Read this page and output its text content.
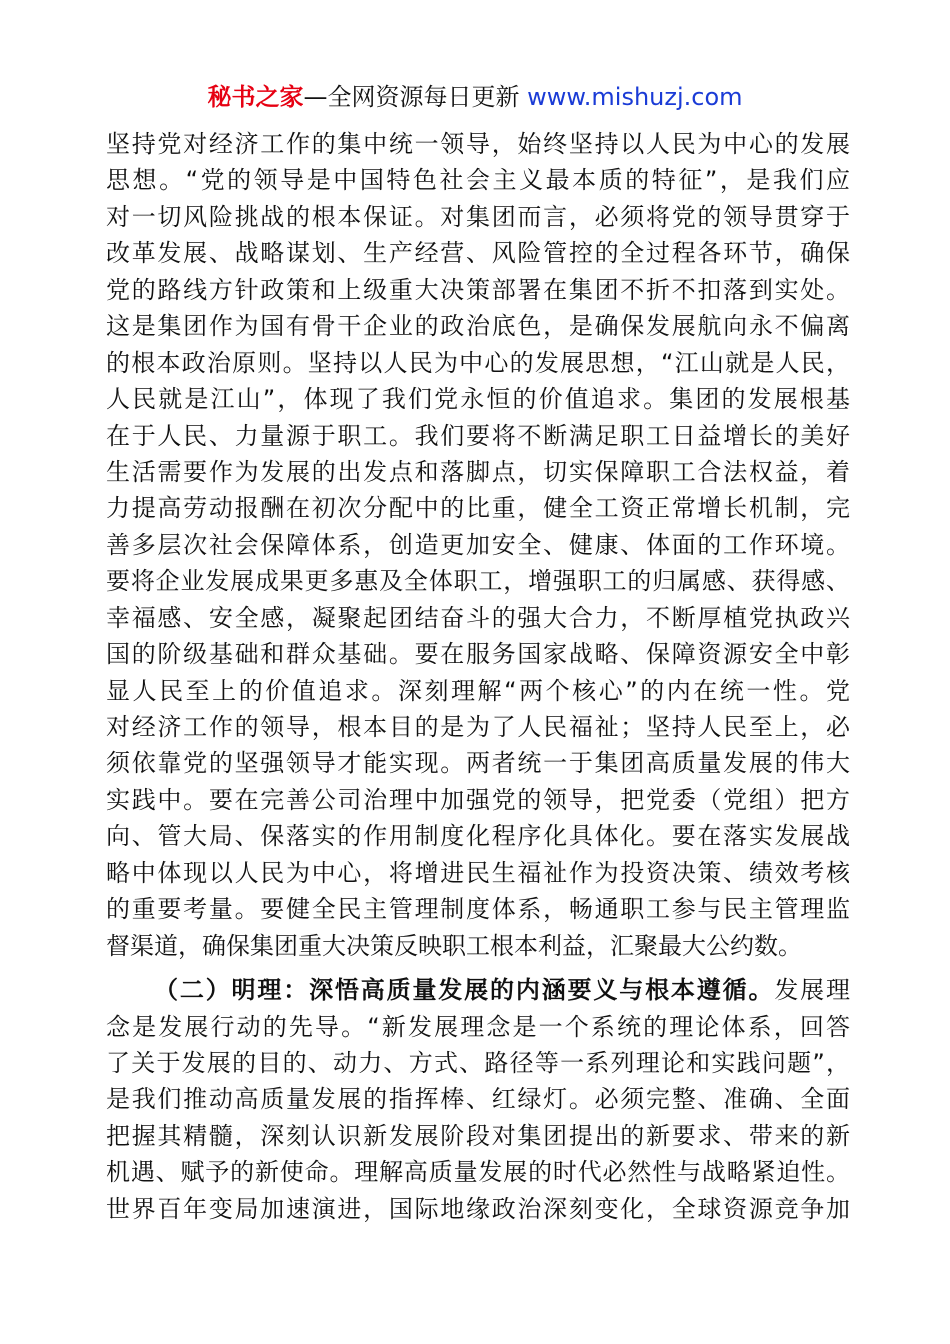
秘书之家—全网资源每日更新 www.mishuzj.com
坚持党对经济工作的集中统一领导，始终坚持以人民为中心的发展
思想。“党的领导是中国特色社会主义最本质的特征”，是我们应
对一切风险挑战的根本保证。对集团而言，必须将党的领导贯穿于
改革发展、战略谋划、生产经营、风险管控的全过程各环节，确保
党的路线方针政策和上级重大决策部署在集团不折不扣落到实处。
这是集团作为国有骨干企业的政治底色，是确保发展航向永不偏离
的根本政治原则。坚持以人民为中心的发展思想，“江山就是人民，
人民就是江山”，体现了我们党永恒的价值追求。集团的发展根基
在于人民、力量源于职工。我们要将不断满足职工日益增长的美好
生活需要作为发展的出发点和落脚点，切实保障职工合法权益，着
力提高劳动报酬在初次分配中的比重，健全工资正常增长机制，完
善多层次社会保障体系，创造更加安全、健康、体面的工作环境。
要将企业发展成果更多惠及全体职工，增强职工的归属感、获得感、
幸福感、安全感，凝聚起团结奋斗的强大合力，不断厚植党执政兴
国的阶级基础和群众基础。要在服务国家战略、保障资源安全中彰
显人民至上的价值追求。深刻理解“两个核心”的内在统一性。党
对经济工作的领导，根本目的是为了人民福祉；坚持人民至上，必
须依靠党的坚强领导才能实现。两者统一于集团高质量发展的伟大
实践中。要在完善公司治理中加强党的领导，把党委（党组）把方
向、管大局、保落实的作用制度化程序化具体化。要在落实发展战
略中体现以人民为中心，将增进民生福祉作为投资决策、绩效考核
的重要考量。要健全民主管理制度体系，畅通职工参与民主管理监
督渠道，确保集团重大决策反映职工根本利益，汇聚最大公约数。
（二）明理：深悟高质量发展的内涵要义与根本遵循。发展理
念是发展行动的先导。“新发展理念是一个系统的理论体系，回答
了关于发展的目的、动力、方式、路径等一系列理论和实践问题”，
是我们推动高质量发展的指挥棒、红绿灯。必须完整、准确、全面
把握其精髓，深刻认识新发展阶段对集团提出的新要求、带来的新
机遇、赋予的新使命。理解高质量发展的时代必然性与战略紧迫性。
世界百年变局加速演进，国际地缘政治深刻变化，全球资源竞争加
